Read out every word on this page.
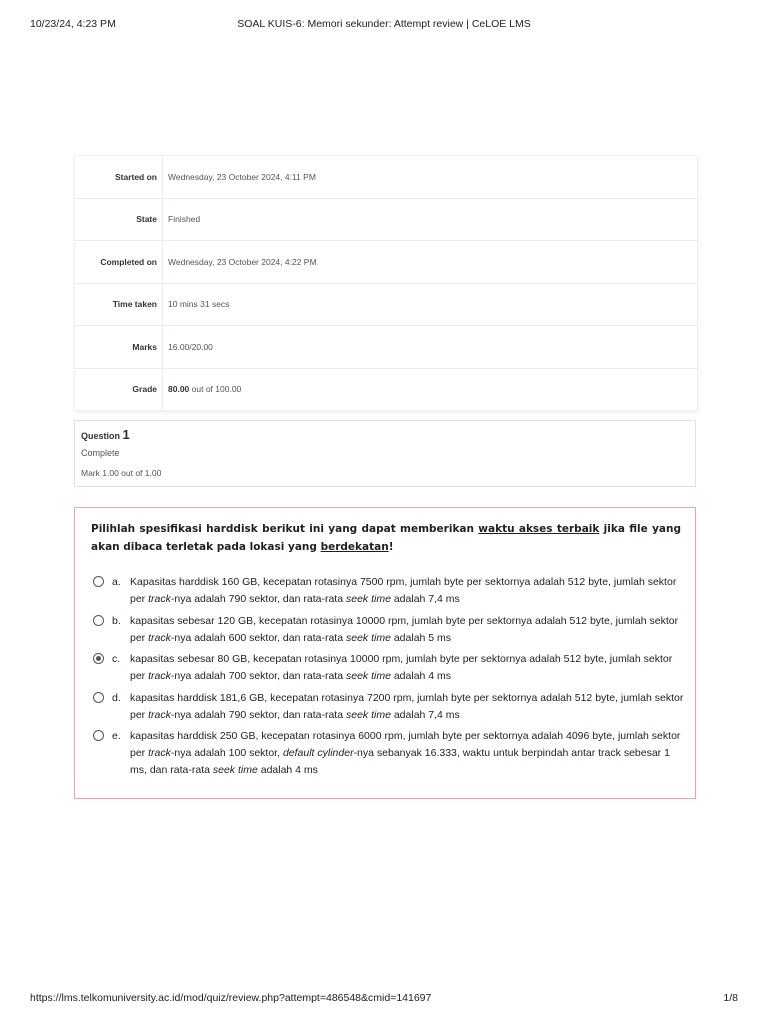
10/23/24, 4:23 PM	SOAL KUIS-6: Memori sekunder: Attempt review | CeLOE LMS
Started on	Wednesday, 23 October 2024, 4:11 PM
State	Finished
Completed on	Wednesday, 23 October 2024, 4:22 PM
Time taken	10 mins 31 secs
Marks	16.00/20.00
Grade	80.00 out of 100.00
Question 1
Complete
Mark 1.00 out of 1.00
Pilihlah spesifikasi harddisk berikut ini yang dapat memberikan waktu akses terbaik jika file yang akan dibaca terletak pada lokasi yang berdekatan!
a. Kapasitas harddisk 160 GB, kecepatan rotasinya 7500 rpm, jumlah byte per sektornya adalah 512 byte, jumlah sektor per track-nya adalah 790 sektor, dan rata-rata seek time adalah 7,4 ms
b. kapasitas sebesar 120 GB, kecepatan rotasinya 10000 rpm, jumlah byte per sektornya adalah 512 byte, jumlah sektor per track-nya adalah 600 sektor, dan rata-rata seek time adalah 5 ms
c. kapasitas sebesar 80 GB, kecepatan rotasinya 10000 rpm, jumlah byte per sektornya adalah 512 byte, jumlah sektor per track-nya adalah 700 sektor, dan rata-rata seek time adalah 4 ms
d. kapasitas harddisk 181,6 GB, kecepatan rotasinya 7200 rpm, jumlah byte per sektornya adalah 512 byte, jumlah sektor per track-nya adalah 790 sektor, dan rata-rata seek time adalah 7,4 ms
e. kapasitas harddisk 250 GB, kecepatan rotasinya 6000 rpm, jumlah byte per sektornya adalah 4096 byte, jumlah sektor per track-nya adalah 100 sektor, default cylinder-nya sebanyak 16.333, waktu untuk berpindah antar track sebesar 1 ms, dan rata-rata seek time adalah 4 ms
https://lms.telkomuniversity.ac.id/mod/quiz/review.php?attempt=486548&cmid=141697	1/8
